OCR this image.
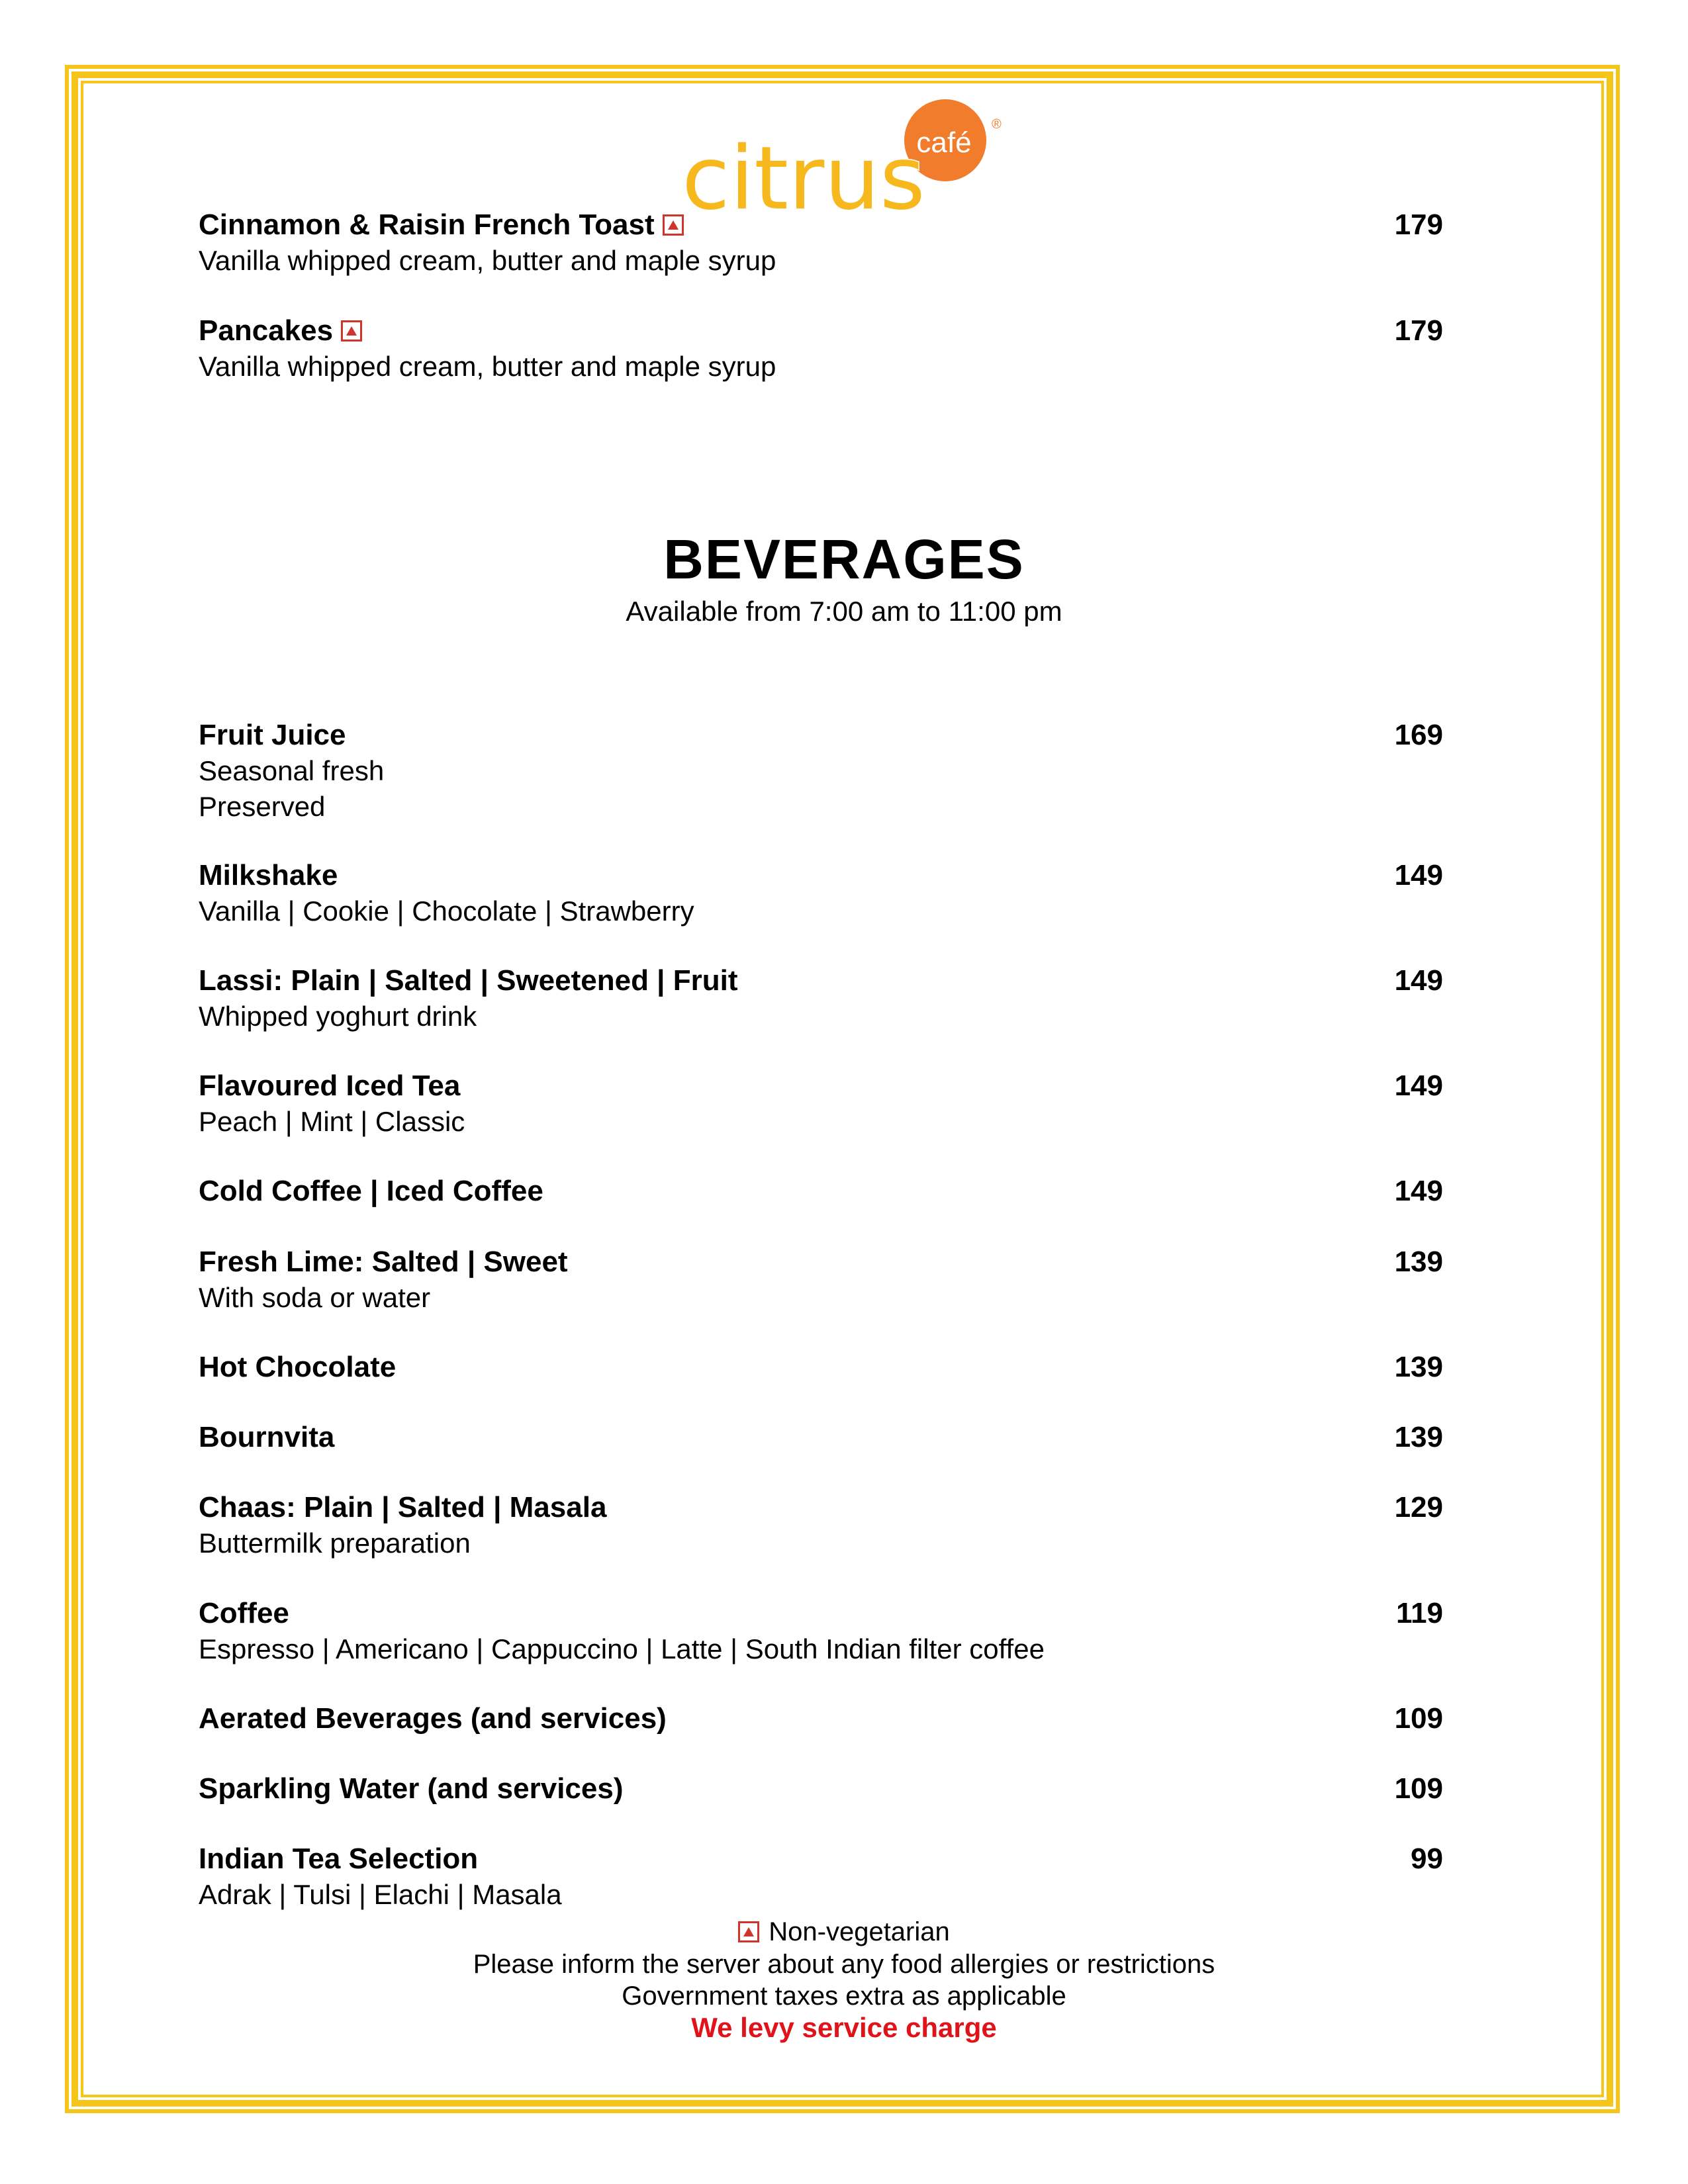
café
®
citrus
Cinnamon & Raisin French Toast	179
Vanilla whipped cream, butter and maple syrup
Pancakes	179
Vanilla whipped cream, butter and maple syrup
BEVERAGES
Available from 7:00 am to 11:00 pm
Fruit Juice	169
Seasonal fresh
Preserved
Milkshake	149
Vanilla | Cookie | Chocolate | Strawberry
Lassi: Plain | Salted | Sweetened | Fruit	149
Whipped yoghurt drink
Flavoured Iced Tea	149
Peach | Mint | Classic
Cold Coffee | Iced Coffee	149
Fresh Lime: Salted | Sweet	139
With soda or water
Hot Chocolate	139
Bournvita	139
Chaas: Plain | Salted | Masala	129
Buttermilk preparation
Coffee	119
Espresso | Americano | Cappuccino | Latte | South Indian filter coffee
Aerated Beverages (and services)	109
Sparkling Water (and services)	109
Indian Tea Selection	99
Adrak | Tulsi | Elachi | Masala
Non-vegetarian
Please inform the server about any food allergies or restrictions
Government taxes extra as applicable
We levy service charge
